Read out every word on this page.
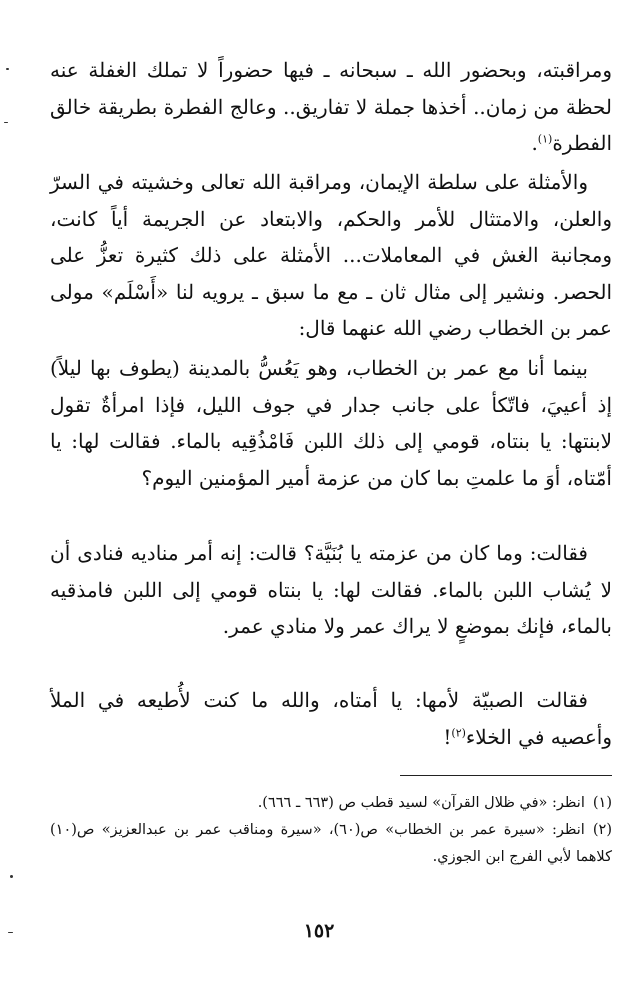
ومراقبته، وبحضور الله ـ سبحانه ـ فيها حضوراً لا تملك الغفلة عنه لحظة من زمان.. أخذها جملة لا تفاريق.. وعالج الفطرة بطريقة خالق الفطرة$^{(١)}$.

والأمثلة على سلطة الإيمان، ومراقبة الله تعالى وخشيته في السرّ والعلن، والامتثال للأمر والحكم، والابتعاد عن الجريمة أياً كانت، ومجانبة الغش في المعاملات... الأمثلة على ذلك كثيرة تعزُّ على الحصر. ونشير إلى مثال ثان ـ مع ما سبق ـ يرويه لنا «أَسْلَم» مولى عمر بن الخطاب رضي الله عنهما قال:

بينما أنا مع عمر بن الخطاب، وهو يَعُسُّ بالمدينة (يطوف بها ليلاً) إذ أعييَ، فاتّكأ على جانب جدار في جوف الليل، فإذا امرأةٌ تقول لابنتها: يا بنتاه، قومي إلى ذلك اللبن فَامْذُقِيه بالماء. فقالت لها: يا أمّتاه، أوَ ما علمتِ بما كان من عزمة أمير المؤمنين اليوم؟

فقالت: وما كان من عزمته يا بُنَيَّة؟ قالت: إنه أمر مناديه فنادى أن لا يُشاب اللبن بالماء. فقالت لها: يا بنتاه قومي إلى اللبن فامذقيه بالماء، فإنك بموضعٍ لا يراك عمر ولا منادي عمر.

فقالت الصبيّة لأمها: يا أمتاه، والله ما كنت لأُطيعه في الملأ وأعصيه في الخلاء$^{(٢)}$!

(١)انظر: «في ظلال القرآن» لسيد قطب ص (٦٦٣ ـ ٦٦٦).

(٢)انظر: «سيرة عمر بن الخطاب» ص(٦٠)، «سيرة ومناقب عمر بن عبدالعزيز» ص(١٠) كلاهما لأبي الفرج ابن الجوزي.

١٥٢
